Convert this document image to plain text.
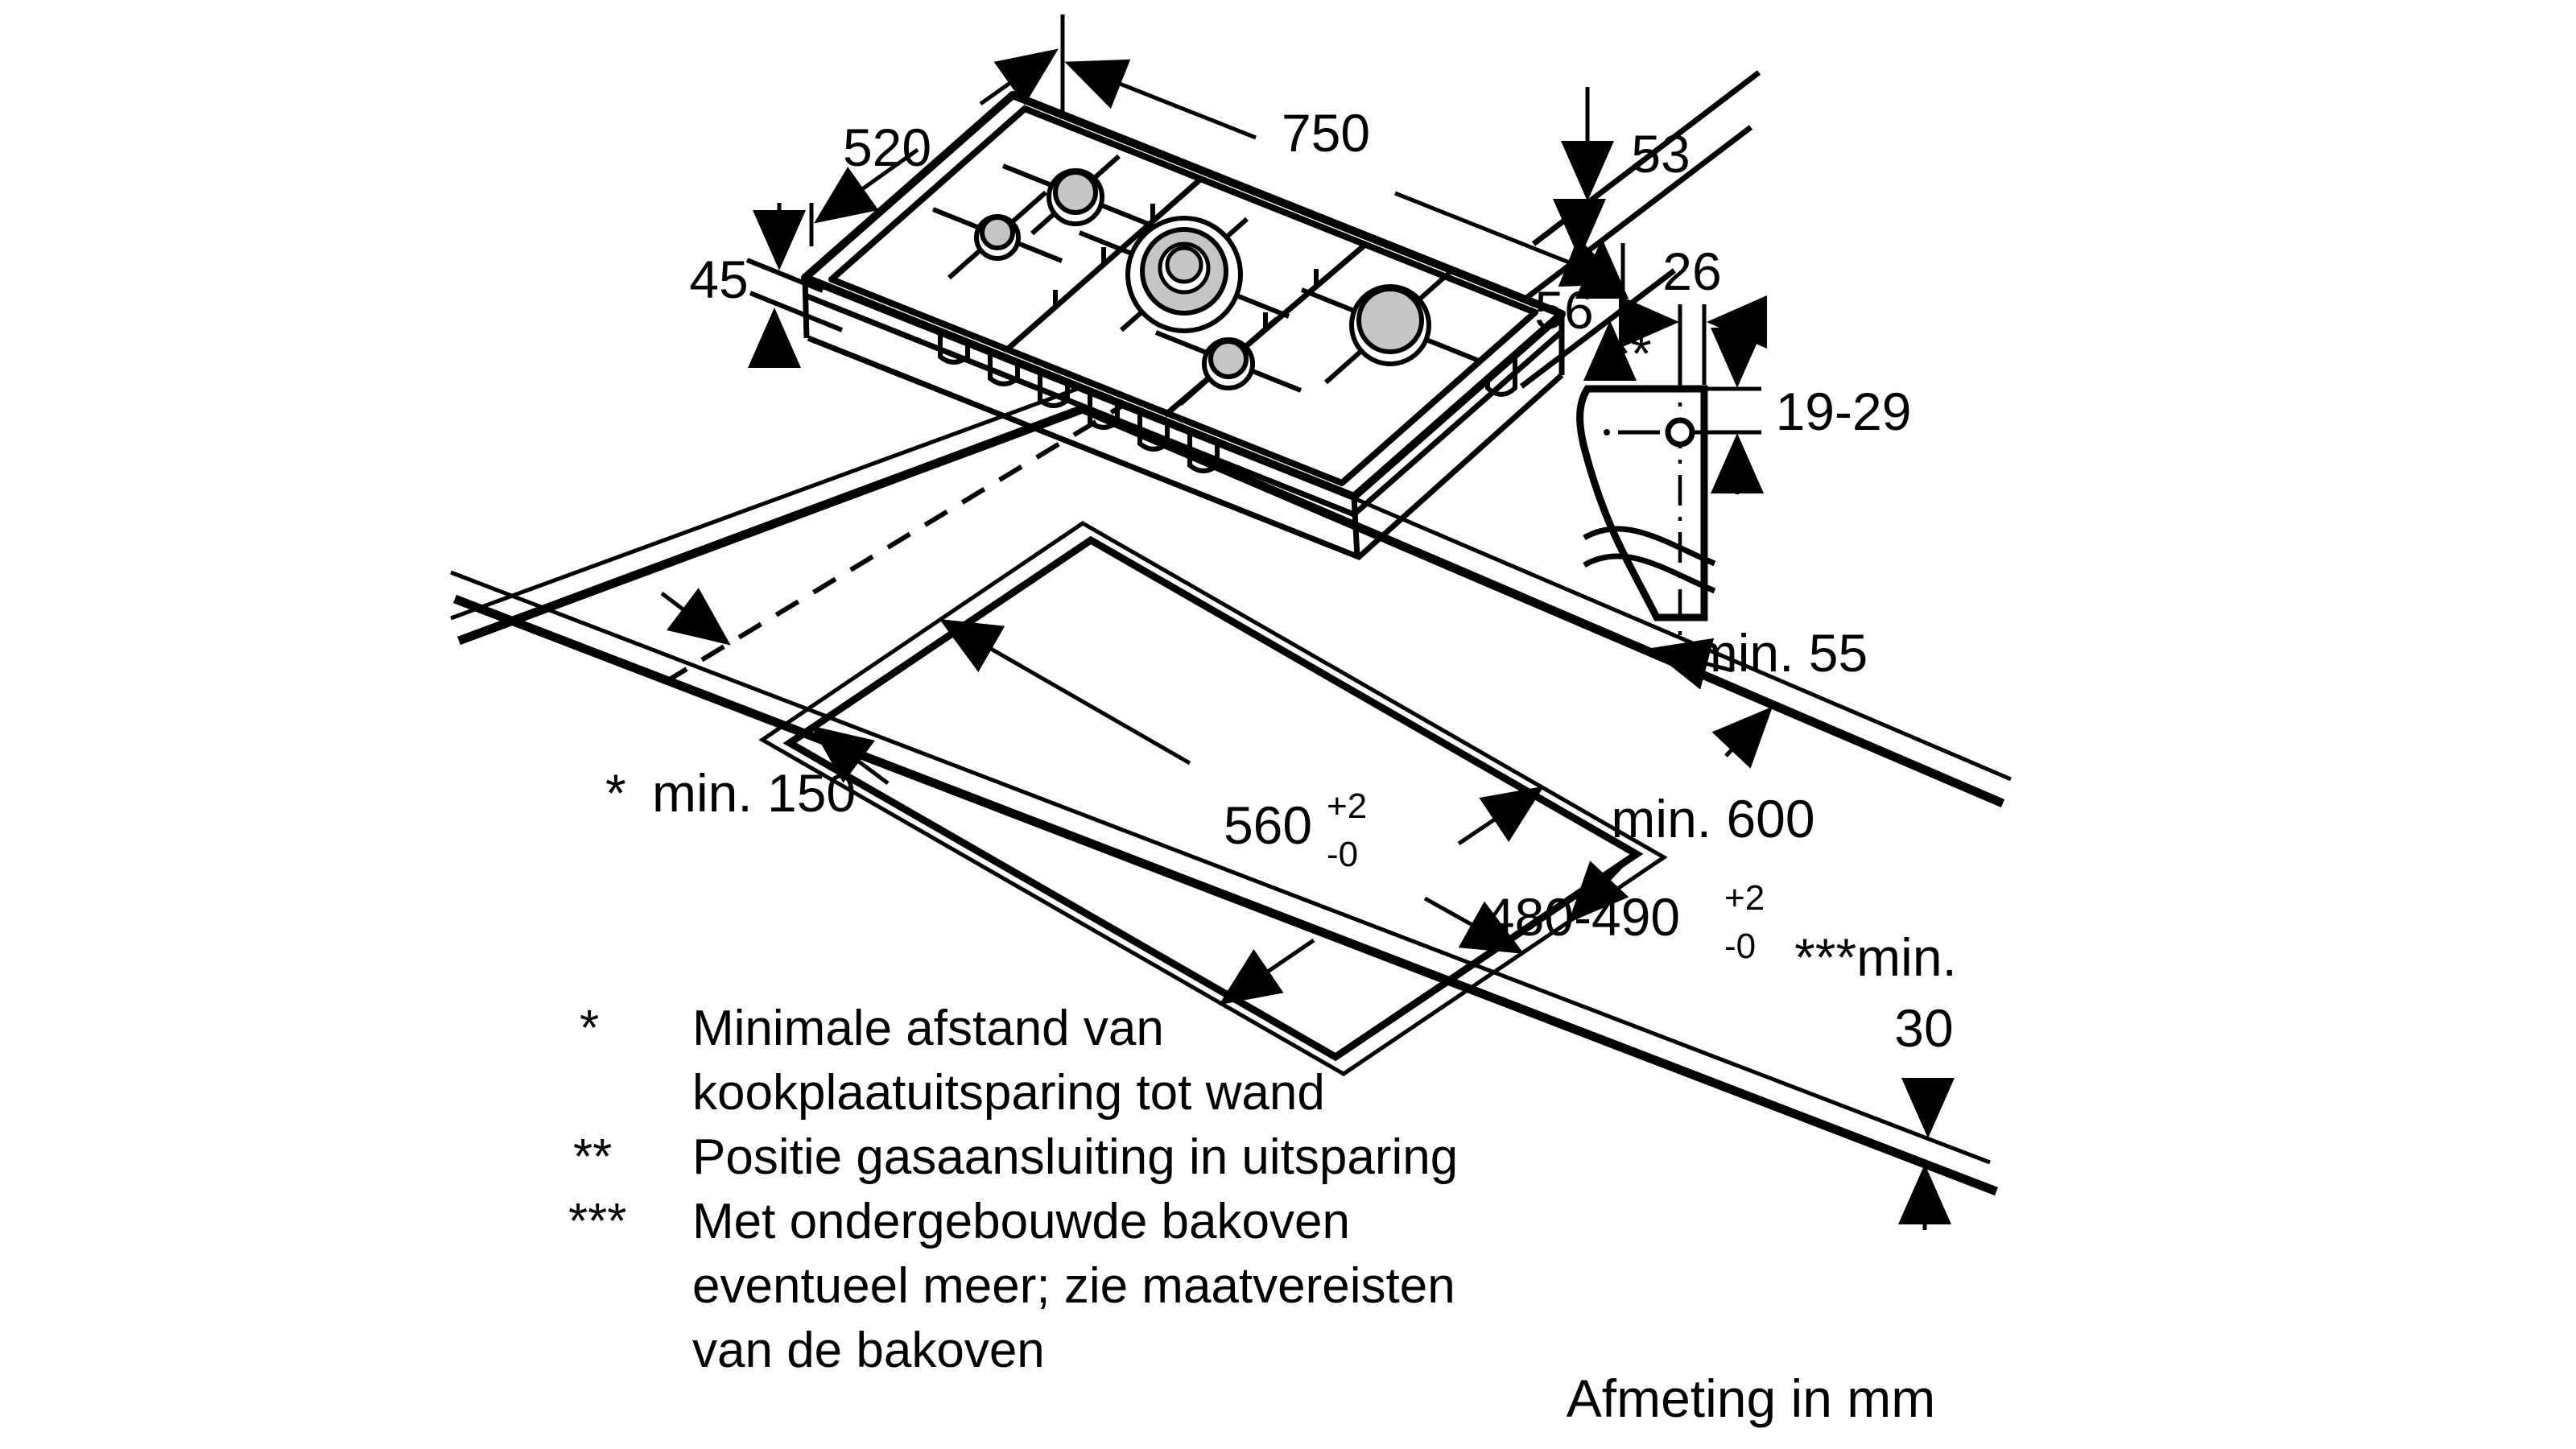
560 +2
-0
480-490 +2
-0
* min. 150	min. 600
min. 55
***min.
30
750
520
45
53
56
26
**
19-29
* Minimale afstand van
kookplaatuitsparing tot wand
** Positie gasaansluiting in uitsparing
*** Met ondergebouwde bakoven
eventueel meer; zie maatvereisten
van de bakoven
Afmeting in mm
